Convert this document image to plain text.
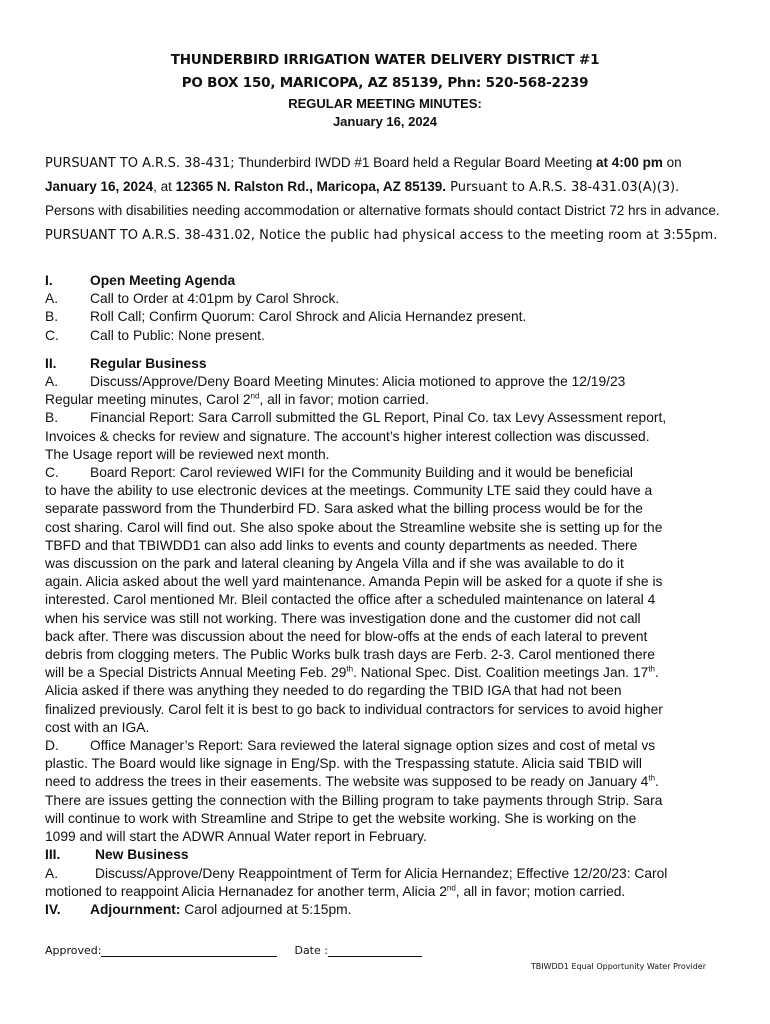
THUNDERBIRD IRRIGATION WATER DELIVERY DISTRICT #1
PO BOX 150, MARICOPA, AZ 85139, Phn: 520-568-2239
REGULAR MEETING MINUTES:
January 16, 2024
PURSUANT TO A.R.S. 38-431; Thunderbird IWDD #1 Board held a Regular Board Meeting at 4:00 pm on January 16, 2024, at 12365 N. Ralston Rd., Maricopa, AZ 85139. Pursuant to A.R.S. 38-431.03(A)(3). Persons with disabilities needing accommodation or alternative formats should contact District 72 hrs in advance. PURSUANT TO A.R.S. 38-431.02, Notice the public had physical access to the meeting room at 3:55pm.
I.	Open Meeting Agenda
A. Call to Order at 4:01pm by Carol Shrock.
B. Roll Call; Confirm Quorum: Carol Shrock and Alicia Hernandez present.
C. Call to Public: None present.
II. Regular Business
A. Discuss/Approve/Deny Board Meeting Minutes: Alicia motioned to approve the 12/19/23
Regular meeting minutes, Carol 2nd, all in favor; motion carried.
B. Financial Report: Sara Carroll submitted the GL Report, Pinal Co. tax Levy Assessment report,
Invoices & checks for review and signature. The account’s higher interest collection was discussed.
The Usage report will be reviewed next month.
C. Board Report: Carol reviewed WIFI for the Community Building and it would be beneficial
to have the ability to use electronic devices at the meetings. Community LTE said they could have a
separate password from the Thunderbird FD. Sara asked what the billing process would be for the
cost sharing. Carol will find out. She also spoke about the Streamline website she is setting up for the
TBFD and that TBIWDD1 can also add links to events and county departments as needed. There
was discussion on the park and lateral cleaning by Angela Villa and if she was available to do it
again. Alicia asked about the well yard maintenance. Amanda Pepin will be asked for a quote if she is
interested. Carol mentioned Mr. Bleil contacted the office after a scheduled maintenance on lateral 4
when his service was still not working. There was investigation done and the customer did not call
back after. There was discussion about the need for blow-offs at the ends of each lateral to prevent
debris from clogging meters. The Public Works bulk trash days are Ferb. 2-3. Carol mentioned there
will be a Special Districts Annual Meeting Feb. 29th. National Spec. Dist. Coalition meetings Jan. 17th.
Alicia asked if there was anything they needed to do regarding the TBID IGA that had not been
finalized previously. Carol felt it is best to go back to individual contractors for services to avoid higher
cost with an IGA.
D. Office Manager’s Report: Sara reviewed the lateral signage option sizes and cost of metal vs
plastic. The Board would like signage in Eng/Sp. with the Trespassing statute. Alicia said TBID will
need to address the trees in their easements. The website was supposed to be ready on January 4th.
There are issues getting the connection with the Billing program to take payments through Strip. Sara
will continue to work with Streamline and Stripe to get the website working. She is working on the
1099 and will start the ADWR Annual Water report in February.
III.	New Business
A.	Discuss/Approve/Deny Reappointment of Term for Alicia Hernandez; Effective 12/20/23: Carol
motioned to reappoint Alicia Hernanadez for another term, Alicia 2nd, all in favor; motion carried.
IV. Adjournment: Carol adjourned at 5:15pm.
Approved:	Date :
TBIWDD1 Equal Opportunity Water Provider
